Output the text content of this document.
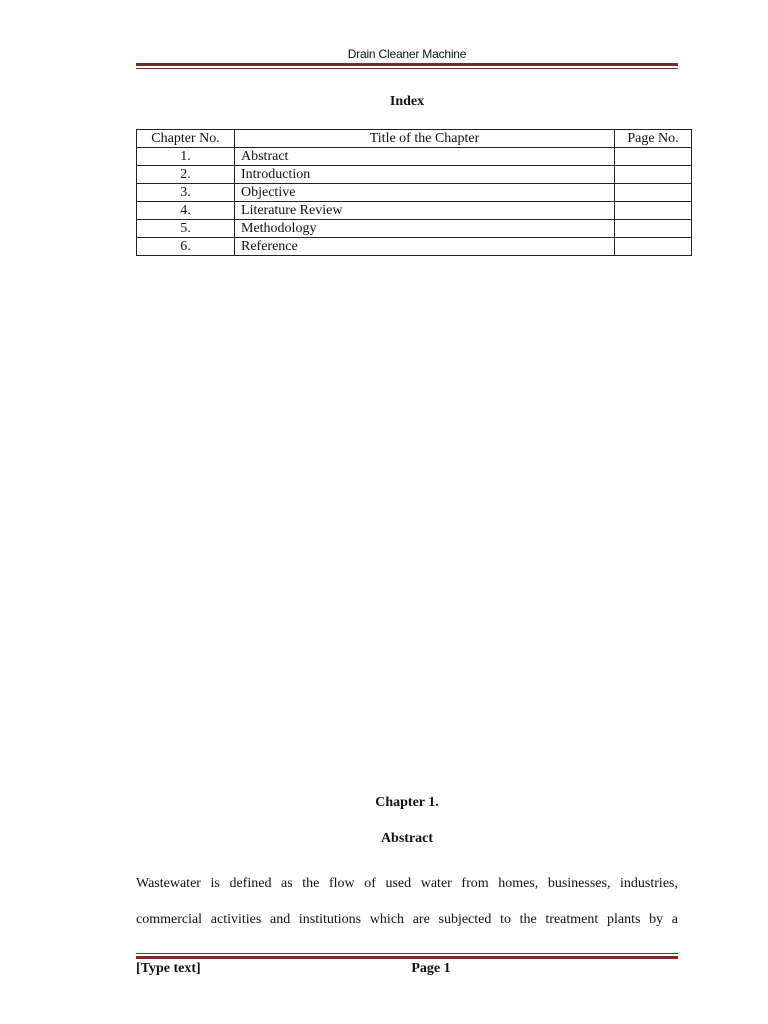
Drain Cleaner Machine
Index
Chapter No.	Title of the Chapter	Page No.
1.	Abstract	
2.	Introduction	
3.	Objective	
4.	Literature Review	
5.	Methodology	
6.	Reference	
Chapter 1.
Abstract
Wastewater is defined as the flow of used water from homes, businesses, industries,
commercial activities and institutions which are subjected to the treatment plants by a
[Type text]	Page 1
